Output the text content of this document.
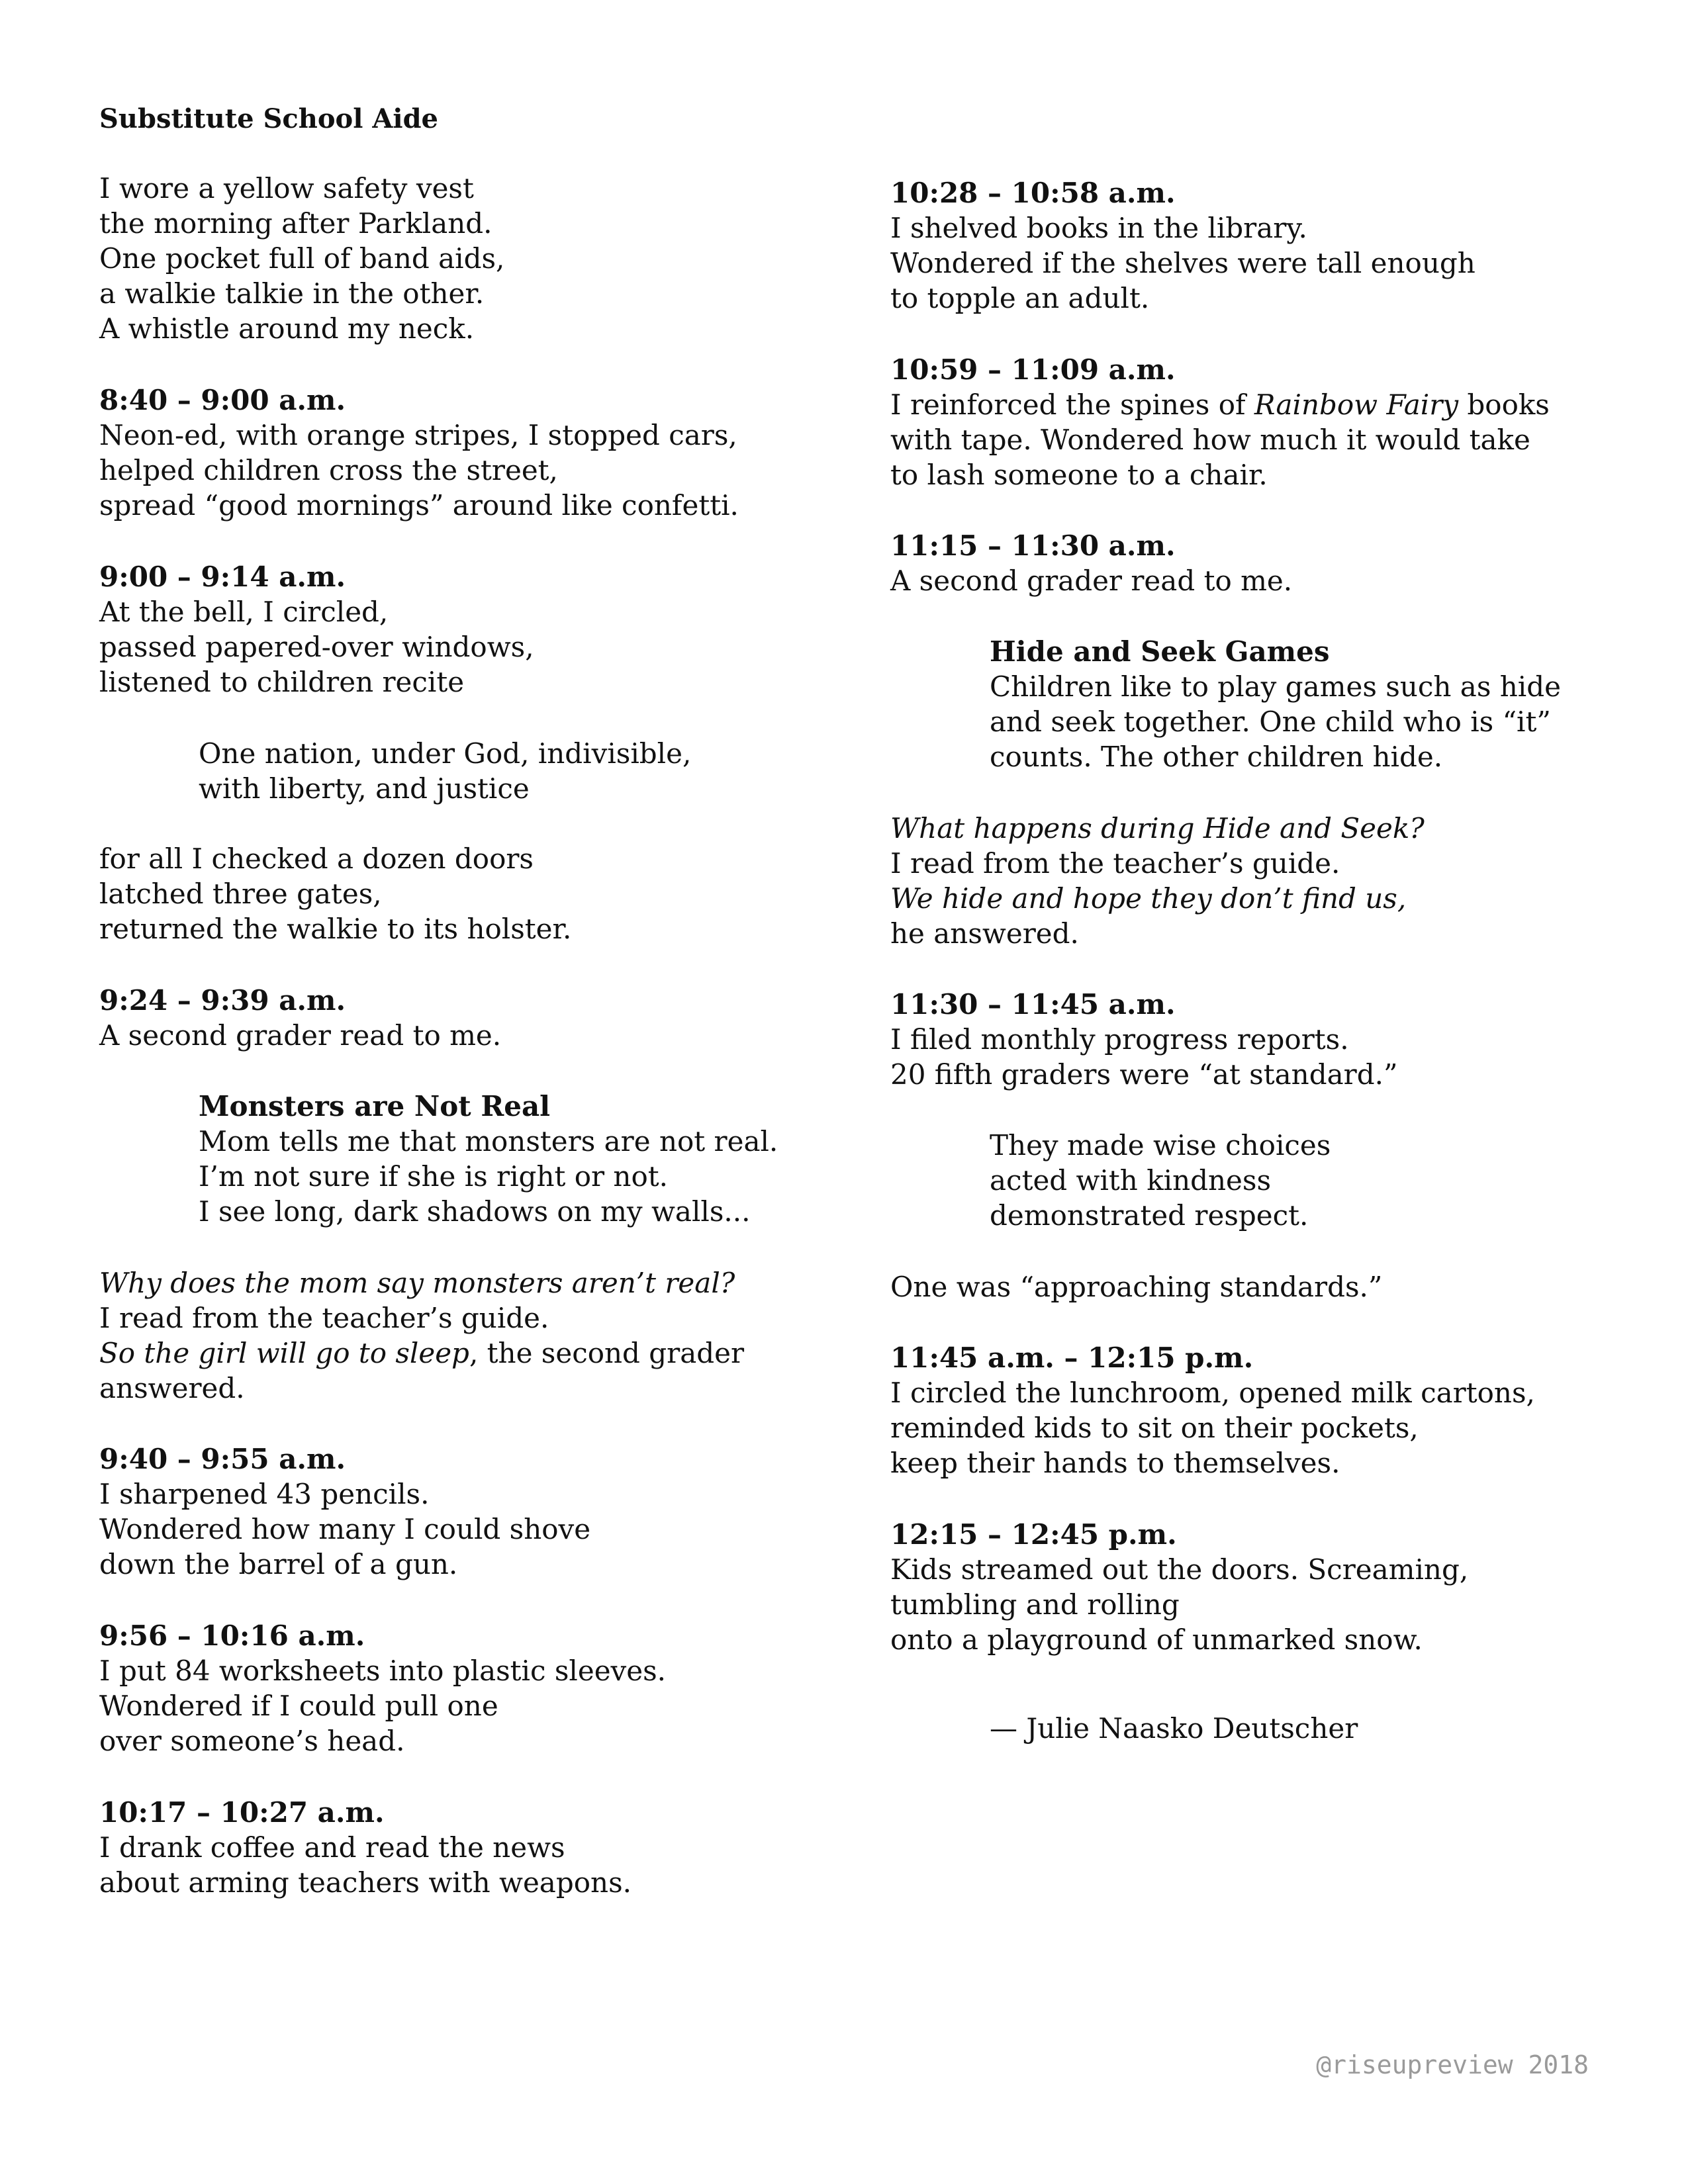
Substitute School Aide
I wore a yellow safety vest
the morning after Parkland.
One pocket full of band aids,
a walkie talkie in the other.
A whistle around my neck.
8:40 – 9:00 a.m.
Neon-ed, with orange stripes, I stopped cars,
helped children cross the street,
spread “good mornings” around like confetti.
9:00 – 9:14 a.m.
At the bell, I circled,
passed papered-over windows,
listened to children recite
One nation, under God, indivisible,
with liberty, and justice
for all I checked a dozen doors
latched three gates,
returned the walkie to its holster.
9:24 – 9:39 a.m.
A second grader read to me.
Monsters are Not Real
Mom tells me that monsters are not real.
I’m not sure if she is right or not.
I see long, dark shadows on my walls...
Why does the mom say monsters aren’t real?
I read from the teacher’s guide.
So the girl will go to sleep, the second grader
answered.
9:40 – 9:55 a.m.
I sharpened 43 pencils.
Wondered how many I could shove
down the barrel of a gun.
9:56 – 10:16 a.m.
I put 84 worksheets into plastic sleeves.
Wondered if I could pull one
over someone’s head.
10:17 – 10:27 a.m.
I drank coffee and read the news
about arming teachers with weapons.
10:28 – 10:58 a.m.
I shelved books in the library.
Wondered if the shelves were tall enough
to topple an adult.
10:59 – 11:09 a.m.
I reinforced the spines of Rainbow Fairy books
with tape. Wondered how much it would take
to lash someone to a chair.
11:15 – 11:30 a.m.
A second grader read to me.
Hide and Seek Games
Children like to play games such as hide
and seek together. One child who is “it”
counts. The other children hide.
What happens during Hide and Seek?
I read from the teacher’s guide.
We hide and hope they don’t find us,
he answered.
11:30 – 11:45 a.m.
I filed monthly progress reports.
20 fifth graders were “at standard.”
They made wise choices
acted with kindness
demonstrated respect.
One was “approaching standards.”
11:45 a.m. – 12:15 p.m.
I circled the lunchroom, opened milk cartons,
reminded kids to sit on their pockets,
keep their hands to themselves.
12:15 – 12:45 p.m.
Kids streamed out the doors. Screaming,
tumbling and rolling
onto a playground of unmarked snow.
— Julie Naasko Deutscher
@riseupreview 2018
